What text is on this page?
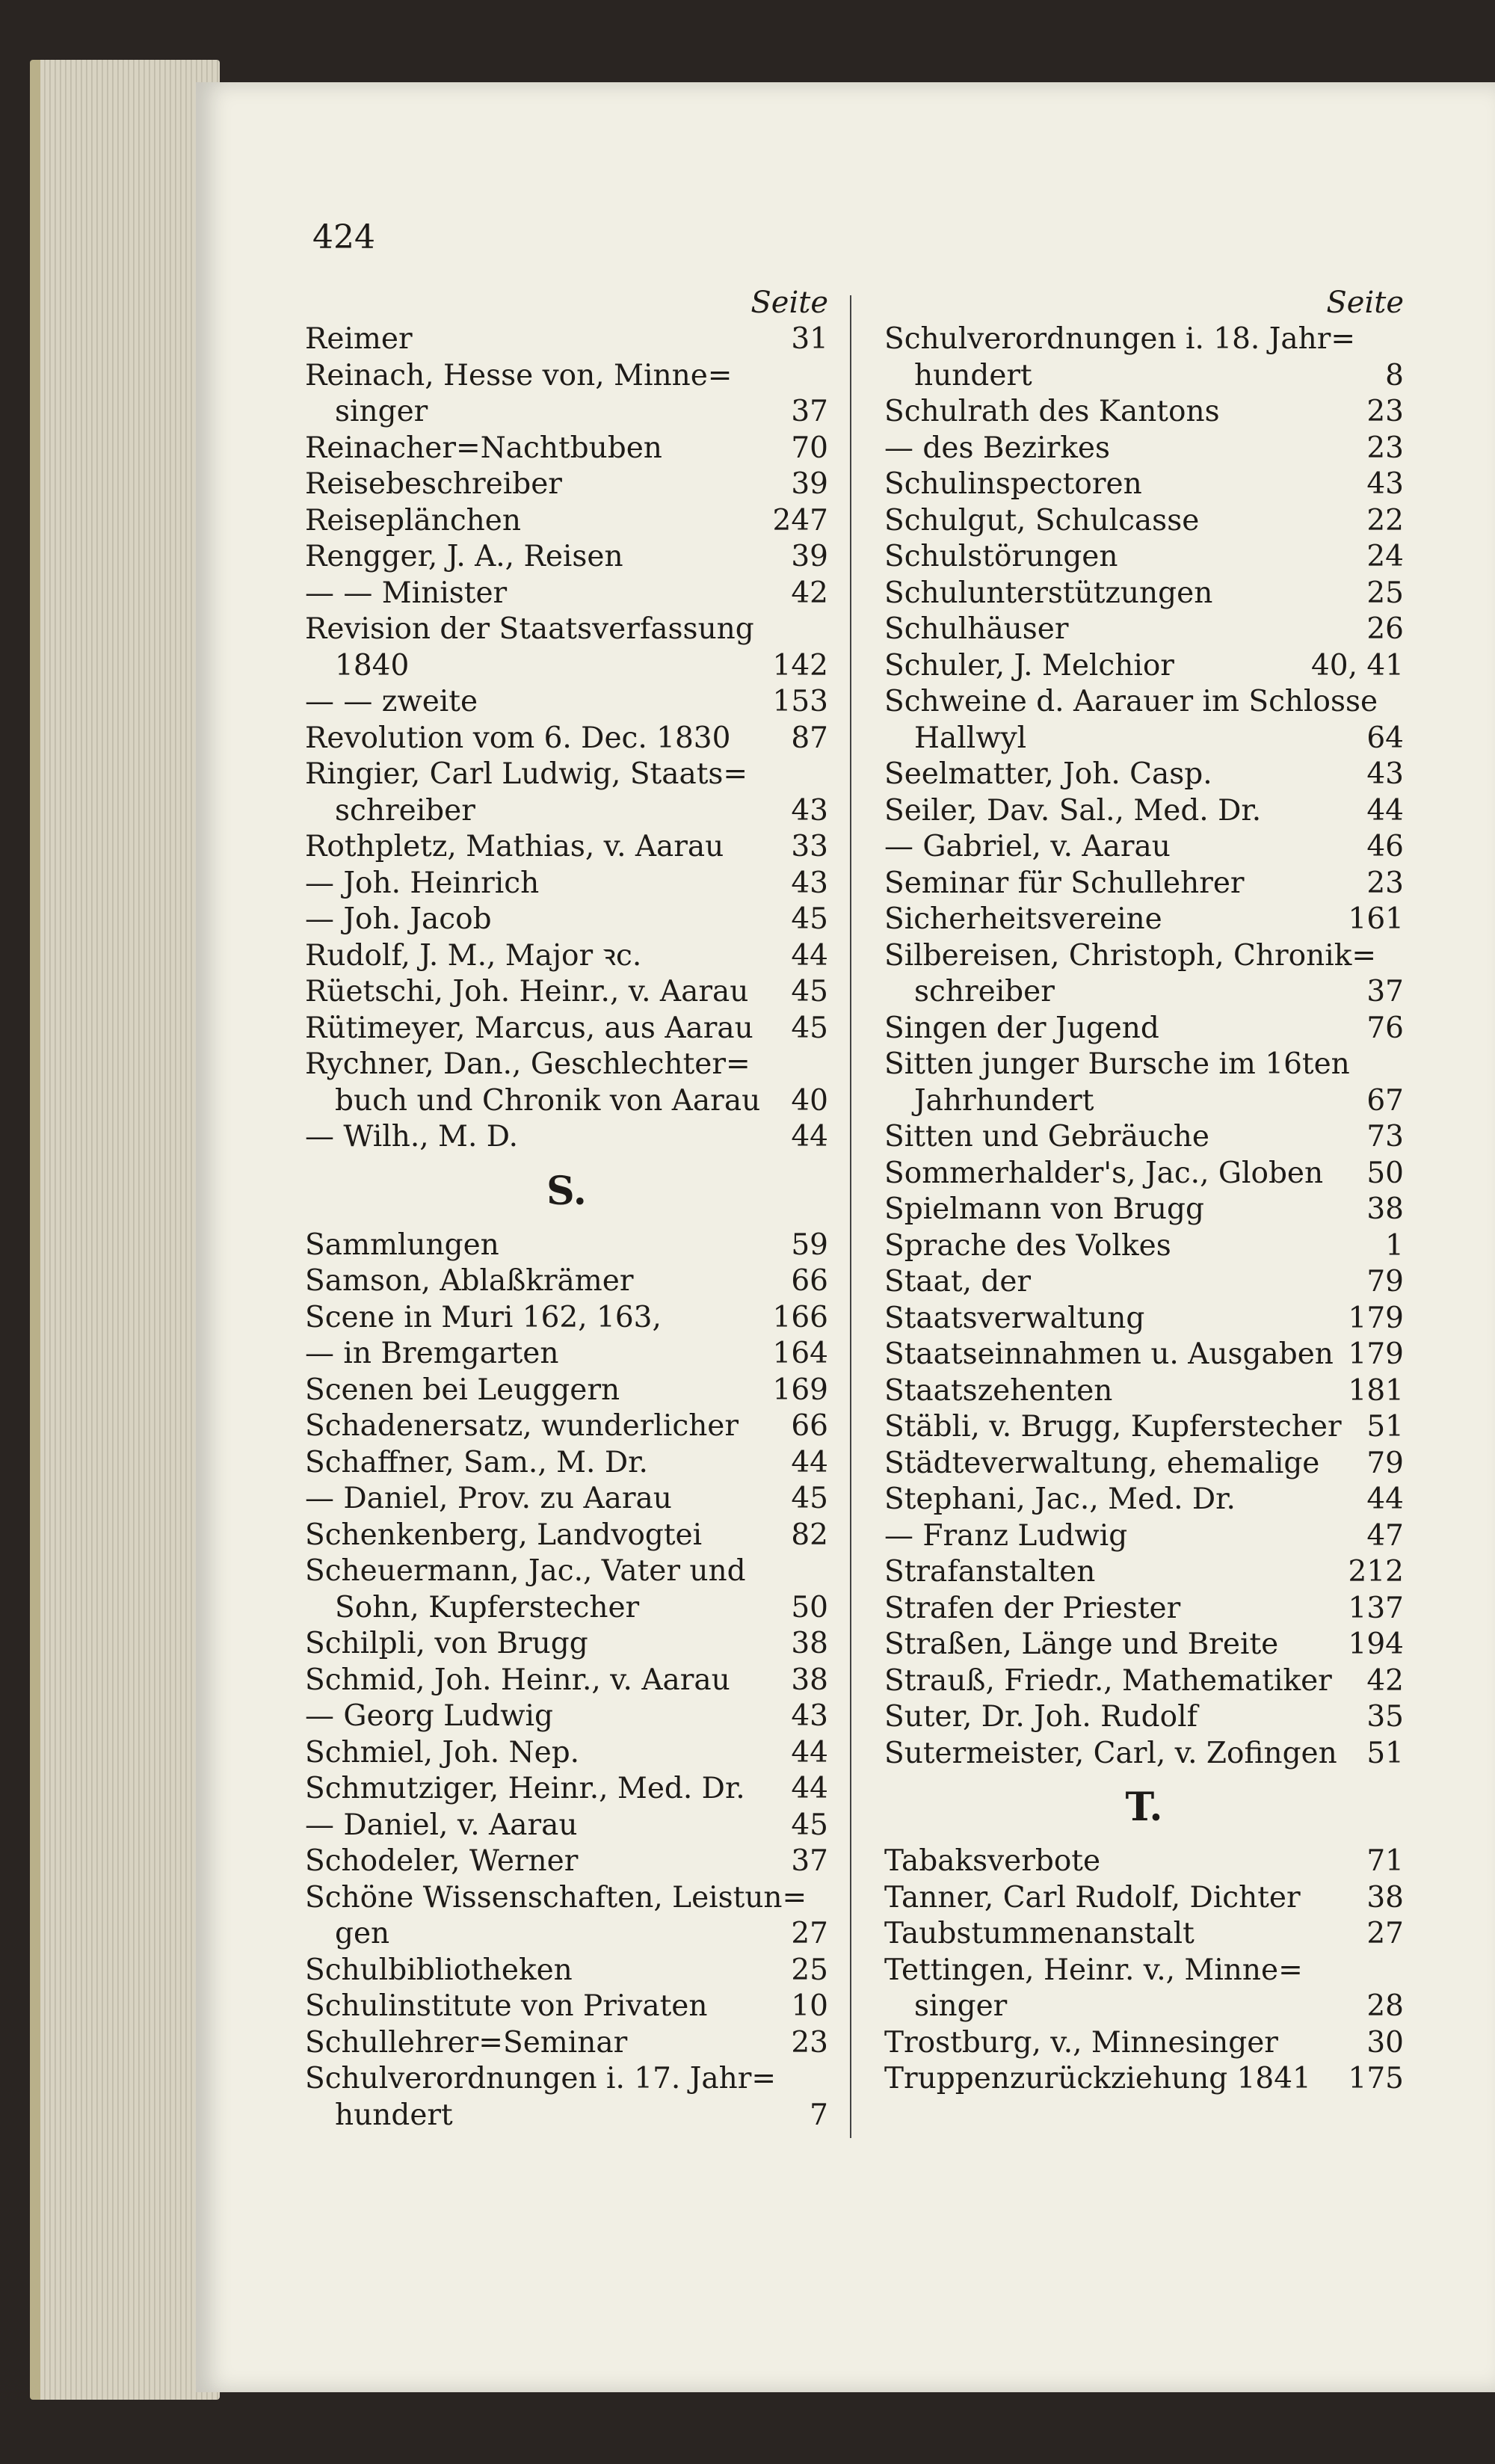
424
Seite
Reimer	31
Reinach, Hesse von, Minne=
singer	37
Reinacher=Nachtbuben	70
Reisebeschreiber	39
Reiseplänchen	247
Rengger, J. A., Reisen	39
— — Minister	42
Revision der Staatsverfassung
1840	142
— — zweite	153
Revolution vom 6. Dec. 1830	87
Ringier, Carl Ludwig, Staats=
schreiber	43
Rothpletz, Mathias, v. Aarau	33
— Joh. Heinrich	43
— Joh. Jacob	45
Rudolf, J. M., Major ꝛc.	44
Rüetschi, Joh. Heinr., v. Aarau	45
Rütimeyer, Marcus, aus Aarau	45
Rychner, Dan., Geschlechter=
buch und Chronik von Aarau	40
— Wilh., M. D.	44
S.
Sammlungen	59
Samson, Ablaßkrämer	66
Scene in Muri 162, 163,	166
— in Bremgarten	164
Scenen bei Leuggern	169
Schadenersatz, wunderlicher	66
Schaffner, Sam., M. Dr.	44
— Daniel, Prov. zu Aarau	45
Schenkenberg, Landvogtei	82
Scheuermann, Jac., Vater und
Sohn, Kupferstecher	50
Schilpli, von Brugg	38
Schmid, Joh. Heinr., v. Aarau	38
— Georg Ludwig	43
Schmiel, Joh. Nep.	44
Schmutziger, Heinr., Med. Dr.	44
— Daniel, v. Aarau	45
Schodeler, Werner	37
Schöne Wissenschaften, Leistun=
gen	27
Schulbibliotheken	25
Schulinstitute von Privaten	10
Schullehrer=Seminar	23
Schulverordnungen i. 17. Jahr=
hundert	7
Seite
Schulverordnungen i. 18. Jahr=
hundert	8
Schulrath des Kantons	23
— des Bezirkes	23
Schulinspectoren	43
Schulgut, Schulcasse	22
Schulstörungen	24
Schulunterstützungen	25
Schulhäuser	26
Schuler, J. Melchior	40, 41
Schweine d. Aarauer im Schlosse
Hallwyl	64
Seelmatter, Joh. Casp.	43
Seiler, Dav. Sal., Med. Dr.	44
— Gabriel, v. Aarau	46
Seminar für Schullehrer	23
Sicherheitsvereine	161
Silbereisen, Christoph, Chronik=
schreiber	37
Singen der Jugend	76
Sitten junger Bursche im 16ten
Jahrhundert	67
Sitten und Gebräuche	73
Sommerhalder's, Jac., Globen	50
Spielmann von Brugg	38
Sprache des Volkes	1
Staat, der	79
Staatsverwaltung	179
Staatseinnahmen u. Ausgaben 179
Staatszehenten	181
Stäbli, v. Brugg, Kupferstecher 51
Städteverwaltung, ehemalige	79
Stephani, Jac., Med. Dr.	44
— Franz Ludwig	47
Strafanstalten	212
Strafen der Priester	137
Straßen, Länge und Breite	194
Strauß, Friedr., Mathematiker	42
Suter, Dr. Joh. Rudolf	35
Sutermeister, Carl, v. Zofingen	51
T.
Tabaksverbote	71
Tanner, Carl Rudolf, Dichter	38
Taubstummenanstalt	27
Tettingen, Heinr. v., Minne=
singer	28
Trostburg, v., Minnesinger	30
Truppenzurückziehung 1841	175
